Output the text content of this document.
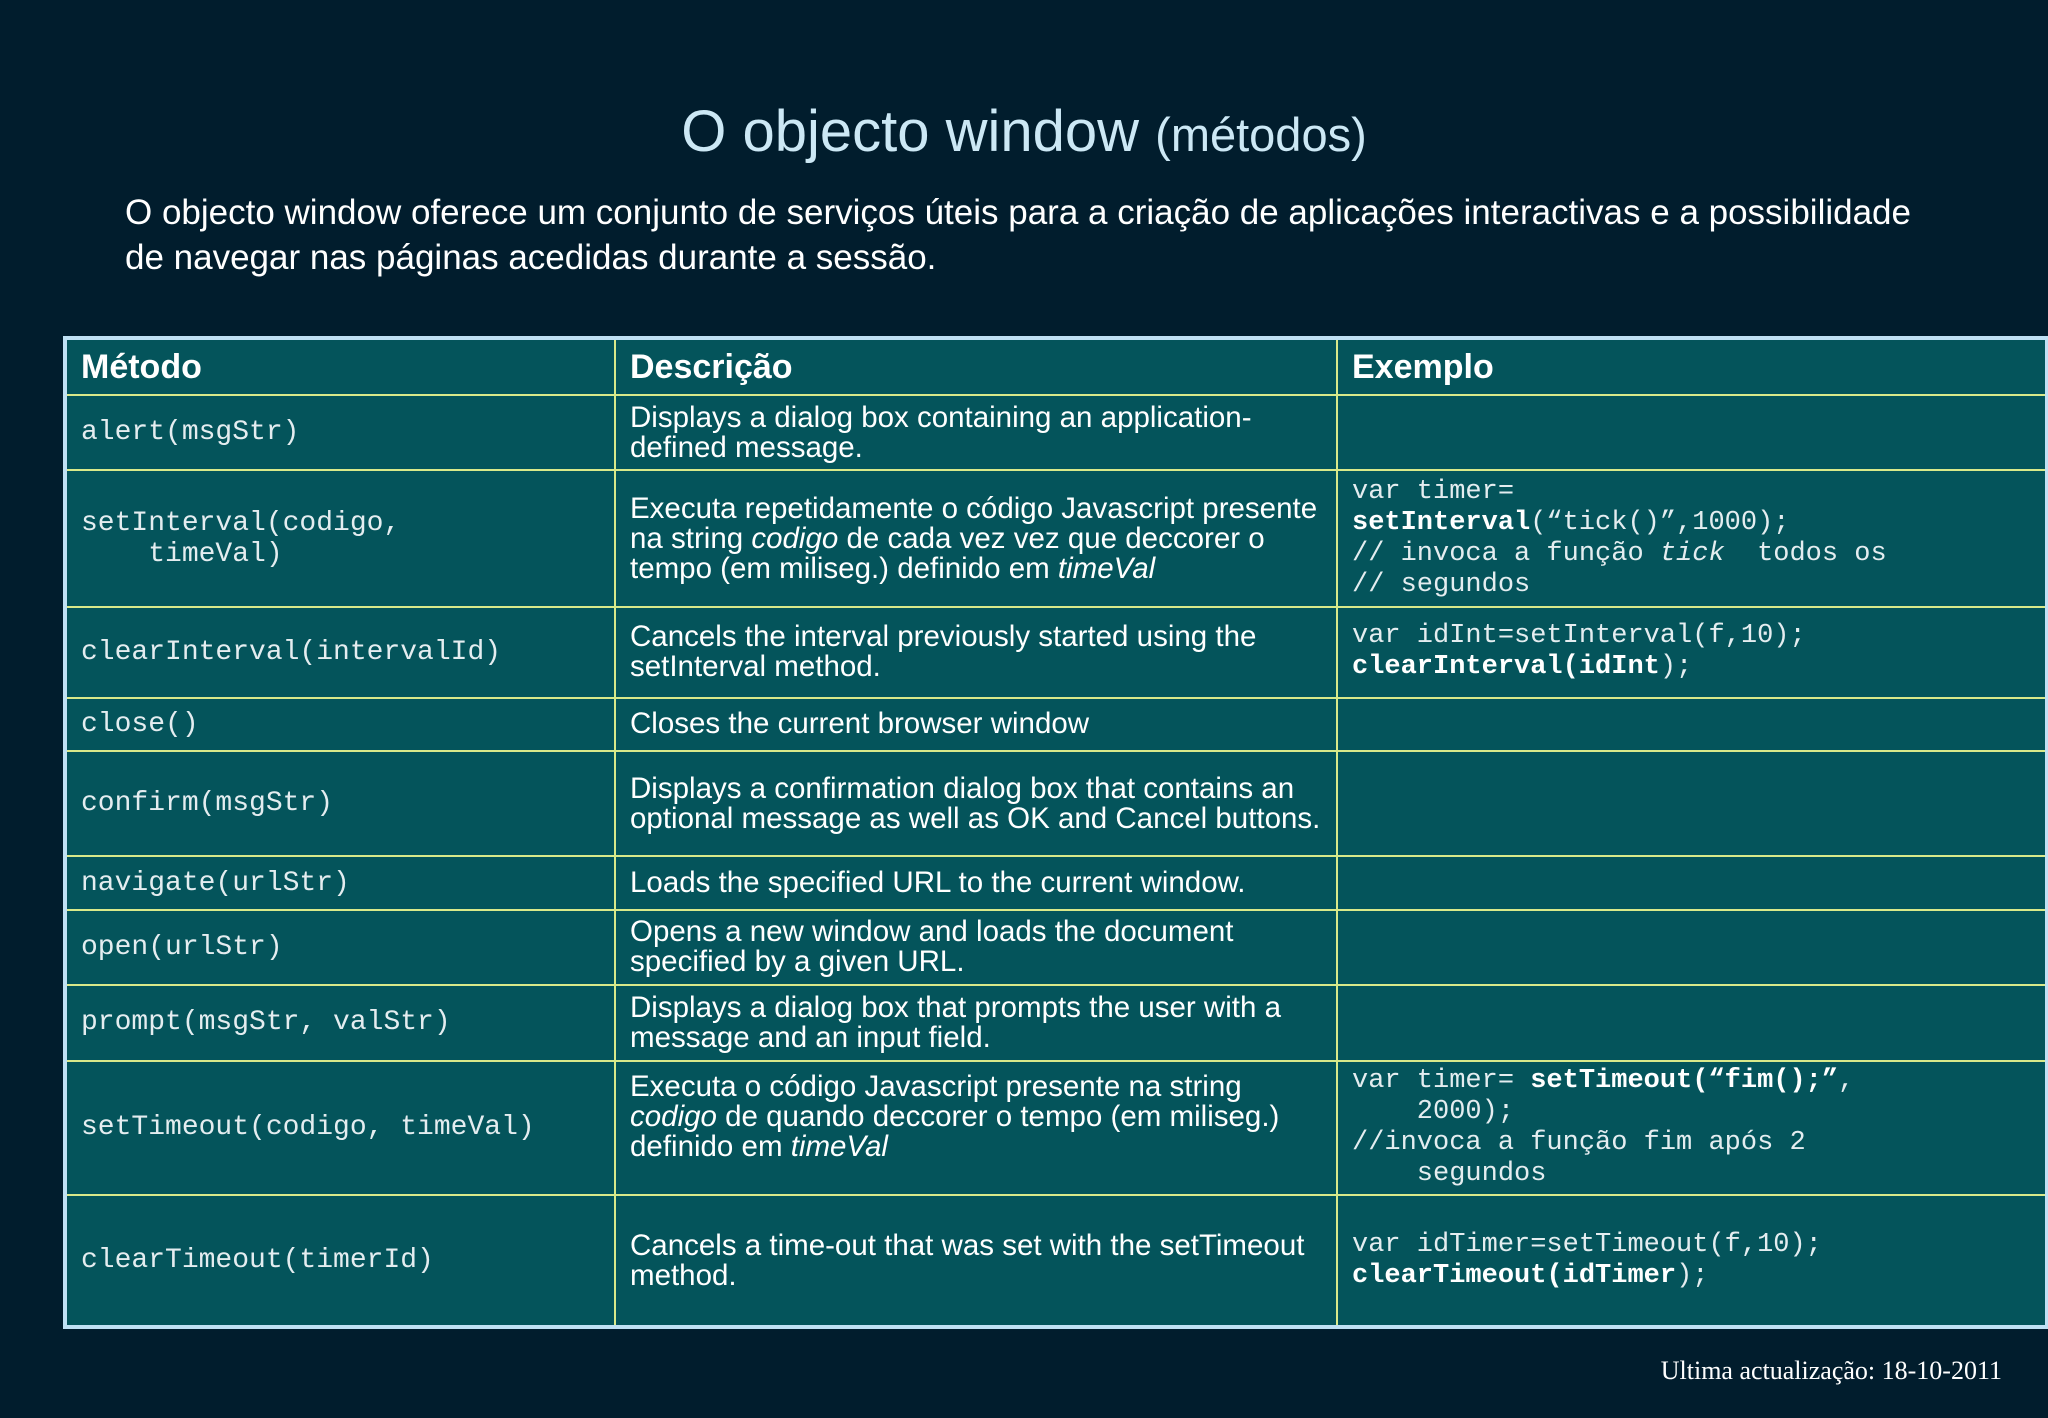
O objecto window (métodos)

O objecto window oferece um conjunto de serviços úteis para a criação de aplicações interactivas e a possibilidade de navegar nas páginas acedidas durante a sessão.

Método	Descrição	Exemplo
alert(msgStr)	Displays a dialog box containing an application-defined message.	
setInterval(codigo,
timeVal)	Executa repetidamente o código Javascript presente na string codigo de cada vez vez que deccorer o tempo (em miliseg.) definido em timeVal	var timer=
setInterval(“tick()”,1000);
// invoca a função tick  todos os
// segundos
clearInterval(intervalId)	Cancels the interval previously started using the setInterval method.	var idInt=setInterval(f,10);
clearInterval(idInt);
close()	Closes the current browser window	
confirm(msgStr)	Displays a confirmation dialog box that contains an optional message as well as OK and Cancel buttons.	
navigate(urlStr)	Loads the specified URL to the current window.	
open(urlStr)	Opens a new window and loads the document specified by a given URL.	
prompt(msgStr, valStr)	Displays a dialog box that prompts the user with a message and an input field.	
setTimeout(codigo, timeVal)	Executa o código Javascript presente na string codigo de quando deccorer o tempo (em miliseg.) definido em timeVal	var timer= setTimeout(“fim();”,
2000);
//invoca a função fim após 2
segundos
clearTimeout(timerId)	Cancels a time-out that was set with the setTimeout method.	var idTimer=setTimeout(f,10);
clearTimeout(idTimer);
Ultima actualização: 18-10-2011
